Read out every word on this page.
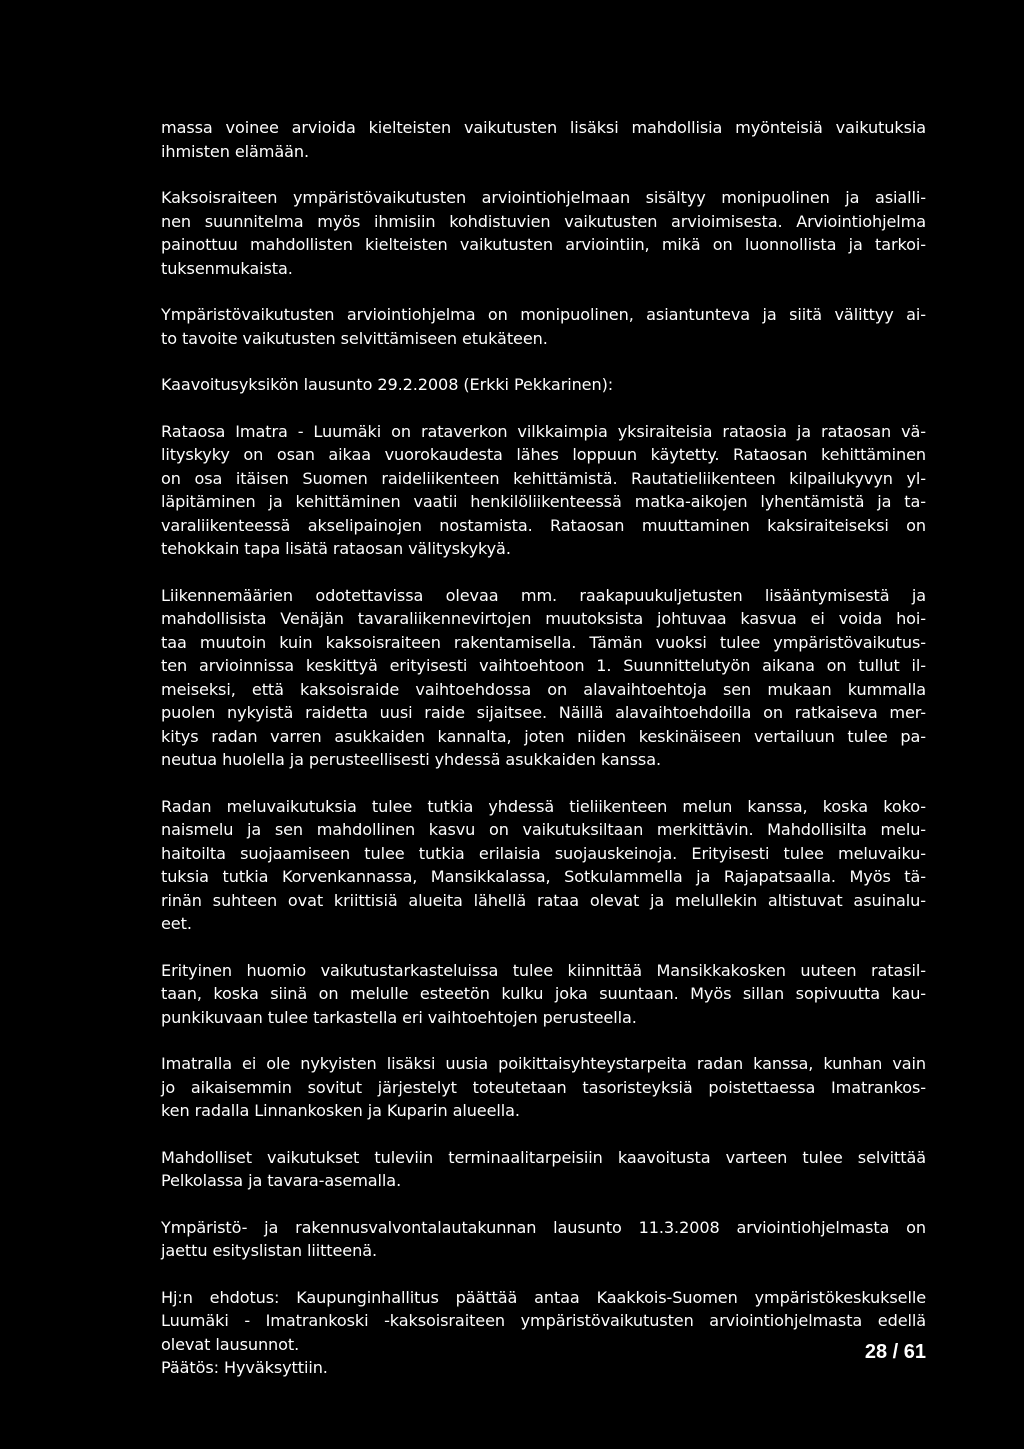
massa voinee arvioida kielteisten vaikutusten lisäksi mahdollisia myönteisiä vaikutuksia
ihmisten elämään.
Kaksoisraiteen ympäristövaikutusten arviointiohjelmaan sisältyy monipuolinen ja asialli-
nen suunnitelma myös ihmisiin kohdistuvien vaikutusten arvioimisesta. Arviointiohjelma
painottuu mahdollisten kielteisten vaikutusten arviointiin, mikä on luonnollista ja tarkoi-
tuksenmukaista.
Ympäristövaikutusten arviointiohjelma on monipuolinen, asiantunteva ja siitä välittyy ai-
to tavoite vaikutusten selvittämiseen etukäteen.
Kaavoitusyksikön lausunto 29.2.2008 (Erkki Pekkarinen):
Rataosa Imatra - Luumäki on rataverkon vilkkaimpia yksiraiteisia rataosia ja rataosan vä-
lityskyky on osan aikaa vuorokaudesta lähes loppuun käytetty. Rataosan kehittäminen
on osa itäisen Suomen raideliikenteen kehittämistä. Rautatieliikenteen kilpailukyvyn yl-
läpitäminen ja kehittäminen vaatii henkilöliikenteessä matka-aikojen lyhentämistä ja ta-
varaliikenteessä akselipainojen nostamista. Rataosan muuttaminen kaksiraiteiseksi on
tehokkain tapa lisätä rataosan välityskykyä.
Liikennemäärien odotettavissa olevaa mm. raakapuukuljetusten lisääntymisestä ja
mahdollisista Venäjän tavaraliikennevirtojen muutoksista johtuvaa kasvua ei voida hoi-
taa muutoin kuin kaksoisraiteen rakentamisella. Tämän vuoksi tulee ympäristövaikutus-
ten arvioinnissa keskittyä erityisesti vaihtoehtoon 1. Suunnittelutyön aikana on tullut il-
meiseksi, että kaksoisraide vaihtoehdossa on alavaihtoehtoja sen mukaan kummalla
puolen nykyistä raidetta uusi raide sijaitsee. Näillä alavaihtoehdoilla on ratkaiseva mer-
kitys radan varren asukkaiden kannalta, joten niiden keskinäiseen vertailuun tulee pa-
neutua huolella ja perusteellisesti yhdessä asukkaiden kanssa.
Radan meluvaikutuksia tulee tutkia yhdessä tieliikenteen melun kanssa, koska koko-
naismelu ja sen mahdollinen kasvu on vaikutuksiltaan merkittävin. Mahdollisilta melu-
haitoilta suojaamiseen tulee tutkia erilaisia suojauskeinoja. Erityisesti tulee meluvaiku-
tuksia tutkia Korvenkannassa, Mansikkalassa, Sotkulammella ja Rajapatsaalla. Myös tä-
rinän suhteen ovat kriittisiä alueita lähellä rataa olevat ja melullekin altistuvat asuinalu-
eet.
Erityinen huomio vaikutustarkasteluissa tulee kiinnittää Mansikkakosken uuteen ratasil-
taan, koska siinä on melulle esteetön kulku joka suuntaan. Myös sillan sopivuutta kau-
punkikuvaan tulee tarkastella eri vaihtoehtojen perusteella.
Imatralla ei ole nykyisten lisäksi uusia poikittaisyhteystarpeita radan kanssa, kunhan vain
jo aikaisemmin sovitut järjestelyt toteutetaan tasoristeyksiä poistettaessa Imatrankos-
ken radalla Linnankosken ja Kuparin alueella.
Mahdolliset vaikutukset tuleviin terminaalitarpeisiin kaavoitusta varteen tulee selvittää
Pelkolassa ja tavara-asemalla.
Ympäristö- ja rakennusvalvontalautakunnan lausunto 11.3.2008 arviointiohjelmasta on
jaettu esityslistan liitteenä.
Hj:n ehdotus: Kaupunginhallitus päättää antaa Kaakkois-Suomen ympäristökeskukselle
Luumäki - Imatrankoski -kaksoisraiteen ympäristövaikutusten arviointiohjelmasta edellä
olevat lausunnot.
Päätös: Hyväksyttiin.
28 / 61
